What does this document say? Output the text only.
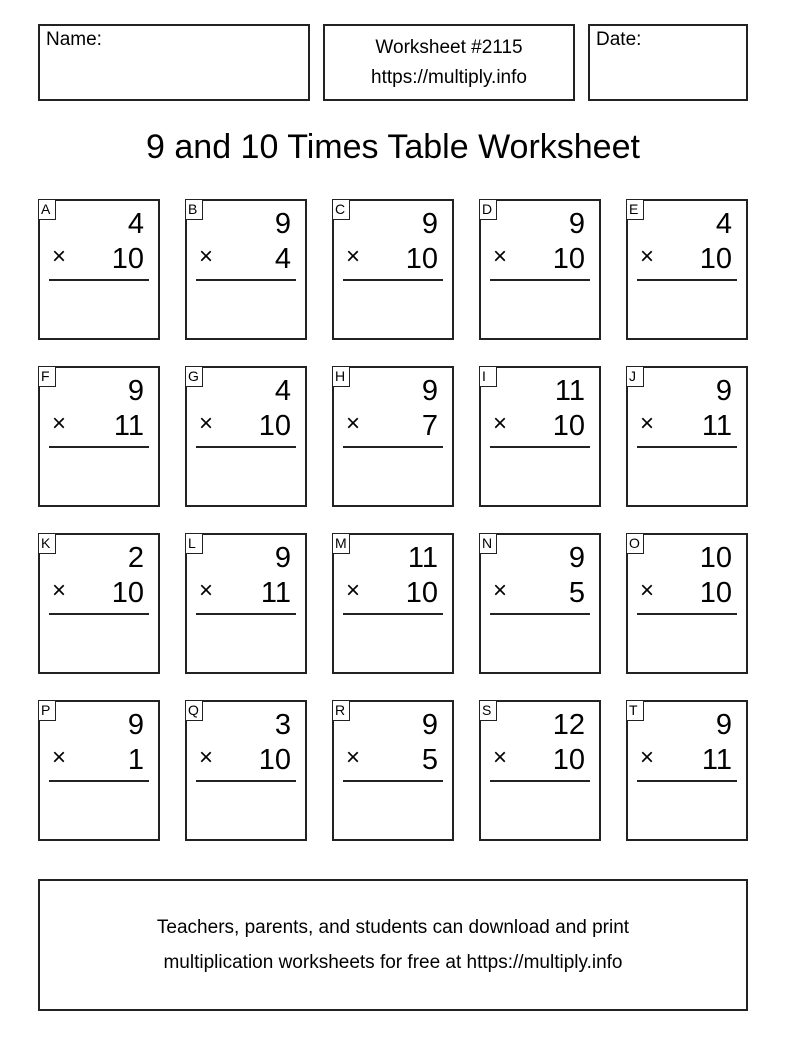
Name:	Worksheet #2115
https://multiply.info
Date:
9 and 10 Times Table Worksheet
A	4
× 10
B	9
× 4
C	9
× 10
D	9
× 10
E	4
× 10
F	9
× 11
G	4
× 10
H	9
× 7
I	11
× 10
J	9
× 11
K	2
× 10
L	9
× 11
M 11
× 10
N	9
× 5
O 10
× 10
P	9
× 1
Q	3
× 10
R	9
× 5
S 12
× 10
T	9
× 11
Teachers, parents, and students can download and print
multiplication worksheets for free at https://multiply.info
